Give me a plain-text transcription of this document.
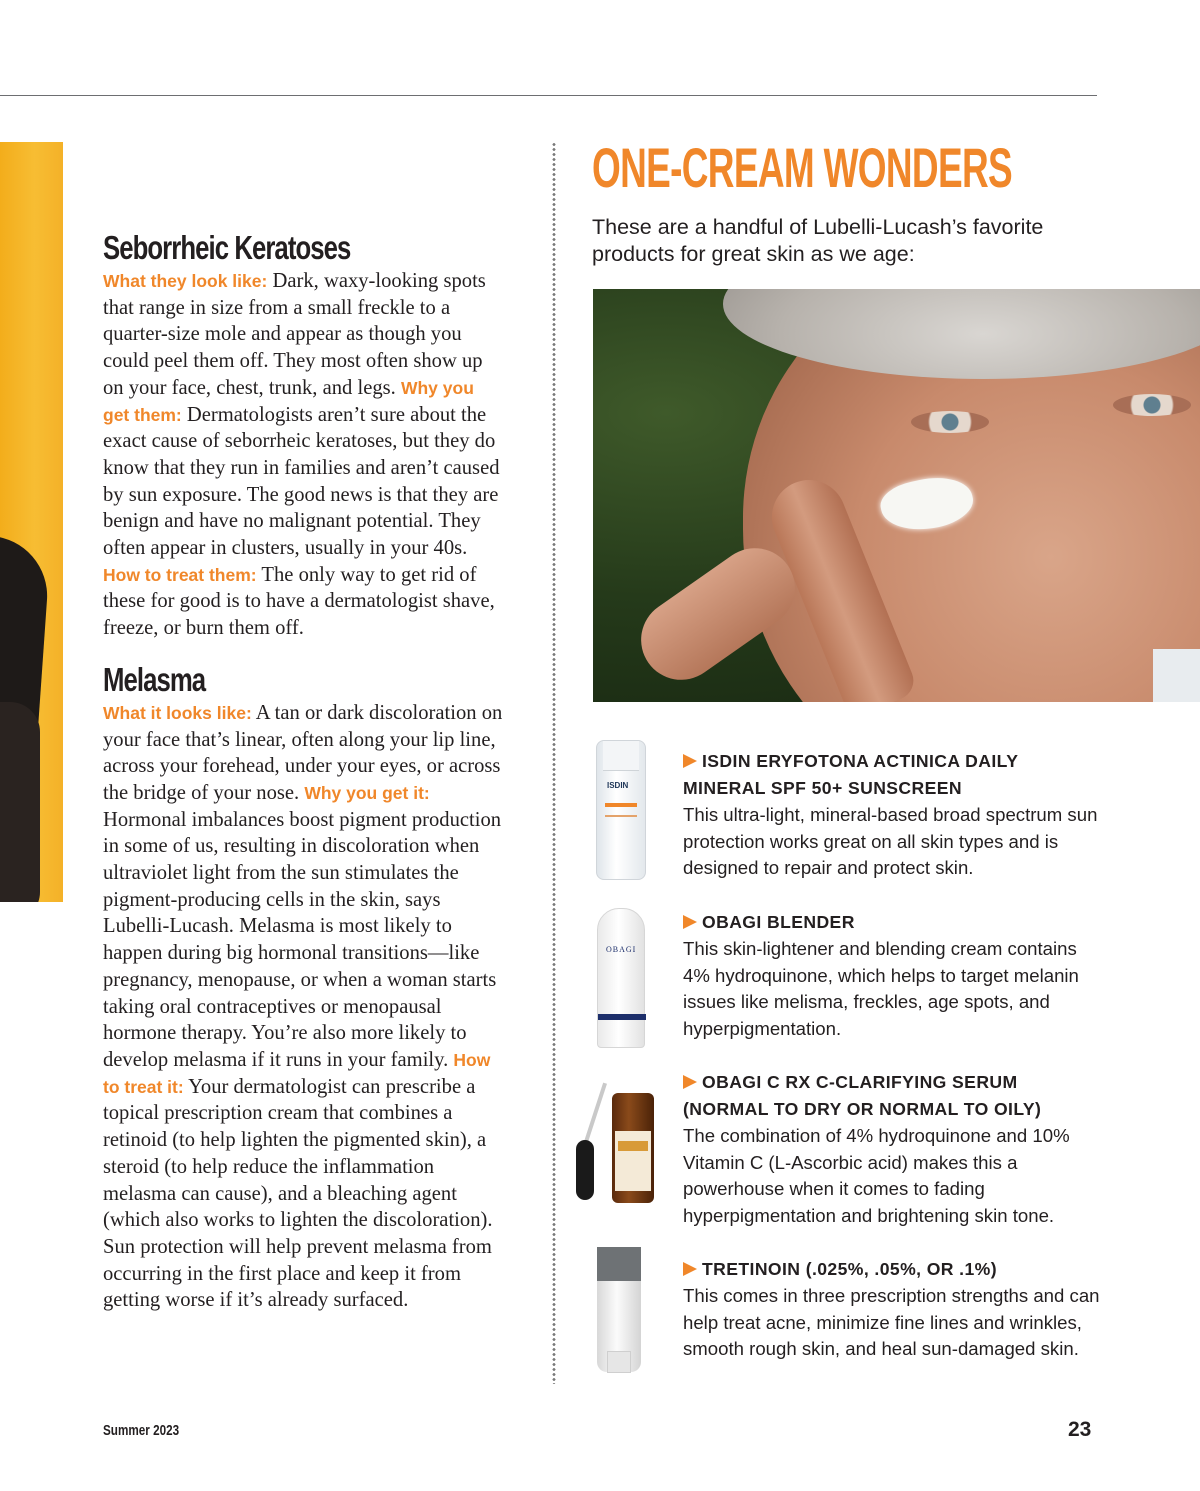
Seborrheic Keratoses

What they look like: Dark, waxy-looking spots that range in size from a small freckle to a quarter-size mole and appear as though you could peel them off. They most often show up on your face, chest, trunk, and legs. Why you get them: Dermatologists aren’t sure about the exact cause of seborrheic keratoses, but they do know that they run in families and aren’t caused by sun exposure. The good news is that they are benign and have no malignant potential. They often appear in clusters, usually in your 40s. How to treat them: The only way to get rid of these for good is to have a dermatologist shave, freeze, or burn them off.

Melasma

What it looks like: A tan or dark discoloration on your face that’s linear, often along your lip line, across your forehead, under your eyes, or across the bridge of your nose. Why you get it: Hormonal imbalances boost pigment production in some of us, resulting in discoloration when ultraviolet light from the sun stimulates the pigment-producing cells in the skin, says Lubelli-Lucash. Melasma is most likely to happen during big hormonal transitions—like pregnancy, menopause, or when a woman starts taking oral contraceptives or menopausal hormone therapy. You’re also more likely to develop melasma if it runs in your family. How to treat it: Your dermatologist can prescribe a topical prescription cream that combines a retinoid (to help lighten the pigmented skin), a steroid (to help reduce the inflammation melasma can cause), and a bleaching agent (which also works to lighten the discoloration). Sun protection will help prevent melasma from occurring in the first place and keep it from getting worse if it’s already surfaced.

ONE-CREAM WONDERS

These are a handful of Lubelli-Lucash’s favorite products for great skin as we age:

ISDIN
OBAGI
ISDIN ERYFOTONA ACTINICA DAILY MINERAL SPF 50+ SUNSCREEN
This ultra-light, mineral-based broad spectrum sun protection works great on all skin types and is designed to repair and protect skin.
OBAGI BLENDER
This skin-lightener and blending cream contains 4% hydroquinone, which helps to target melanin issues like melisma, freckles, age spots, and hyperpigmentation.
OBAGI C RX C-CLARIFYING SERUM (NORMAL TO DRY OR NORMAL TO OILY)
The combination of 4% hydroquinone and 10% Vitamin C (L-Ascorbic acid) makes this a powerhouse when it comes to fading hyperpigmentation and brightening skin tone.
TRETINOIN (.025%, .05%, OR .1%)
This comes in three prescription strengths and can help treat acne, minimize fine lines and wrinkles, smooth rough skin, and heal sun-damaged skin.
Summer 2023	23
